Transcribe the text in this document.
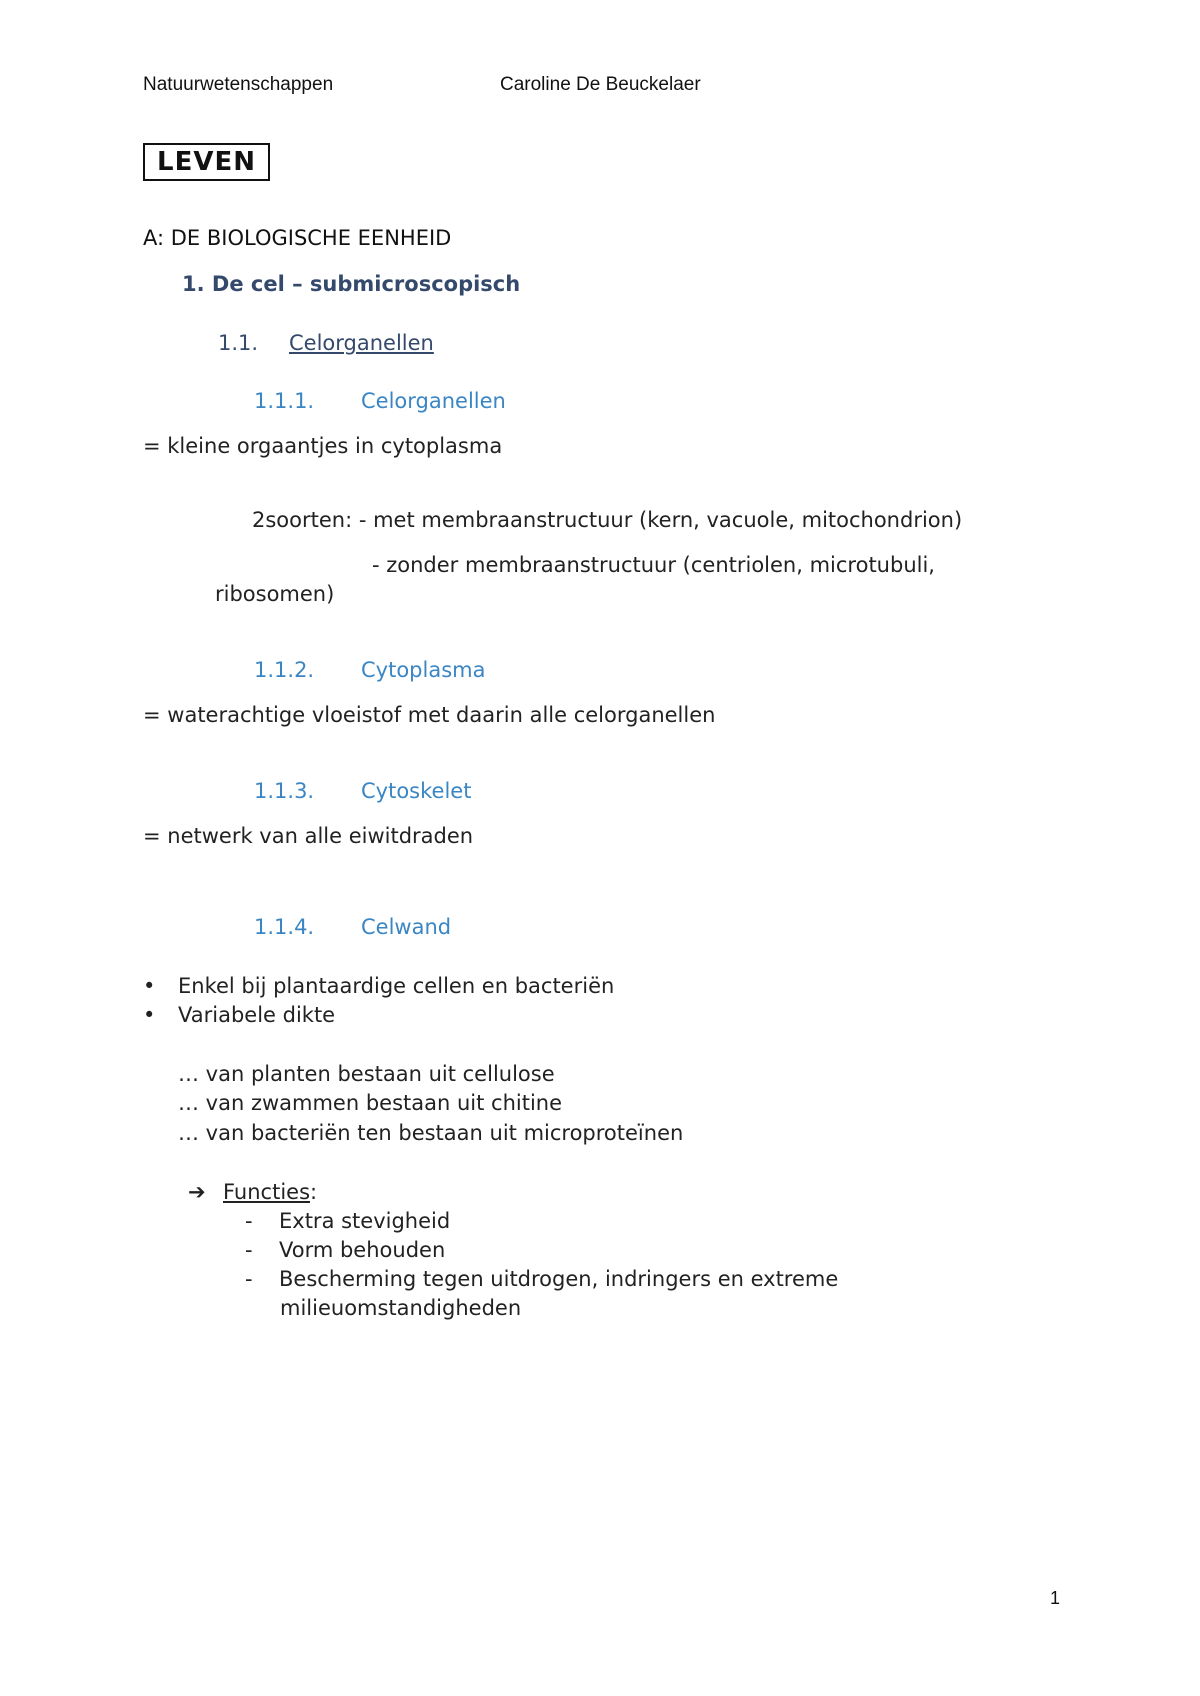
Natuurwetenschappen	Caroline De Beuckelaer
LEVEN
A: DE BIOLOGISCHE EENHEID
1. De cel – submicroscopisch
1.1. Celorganellen
1.1.1. Celorganellen
= kleine orgaantjes in cytoplasma
2soorten: - met membraanstructuur (kern, vacuole, mitochondrion)
- zonder membraanstructuur (centriolen, microtubuli,
ribosomen)
1.1.2. Cytoplasma
= waterachtige vloeistof met daarin alle celorganellen
1.1.3. Cytoskelet
= netwerk van alle eiwitdraden
1.1.4. Celwand
• Enkel bij plantaardige cellen en bacteriën
• Variabele dikte
… van planten bestaan uit cellulose
… van zwammen bestaan uit chitine
… van bacteriën ten bestaan uit microproteïnen
➔ Functies:
- Extra stevigheid
- Vorm behouden
- Bescherming tegen uitdrogen, indringers en extreme
milieuomstandigheden
1
